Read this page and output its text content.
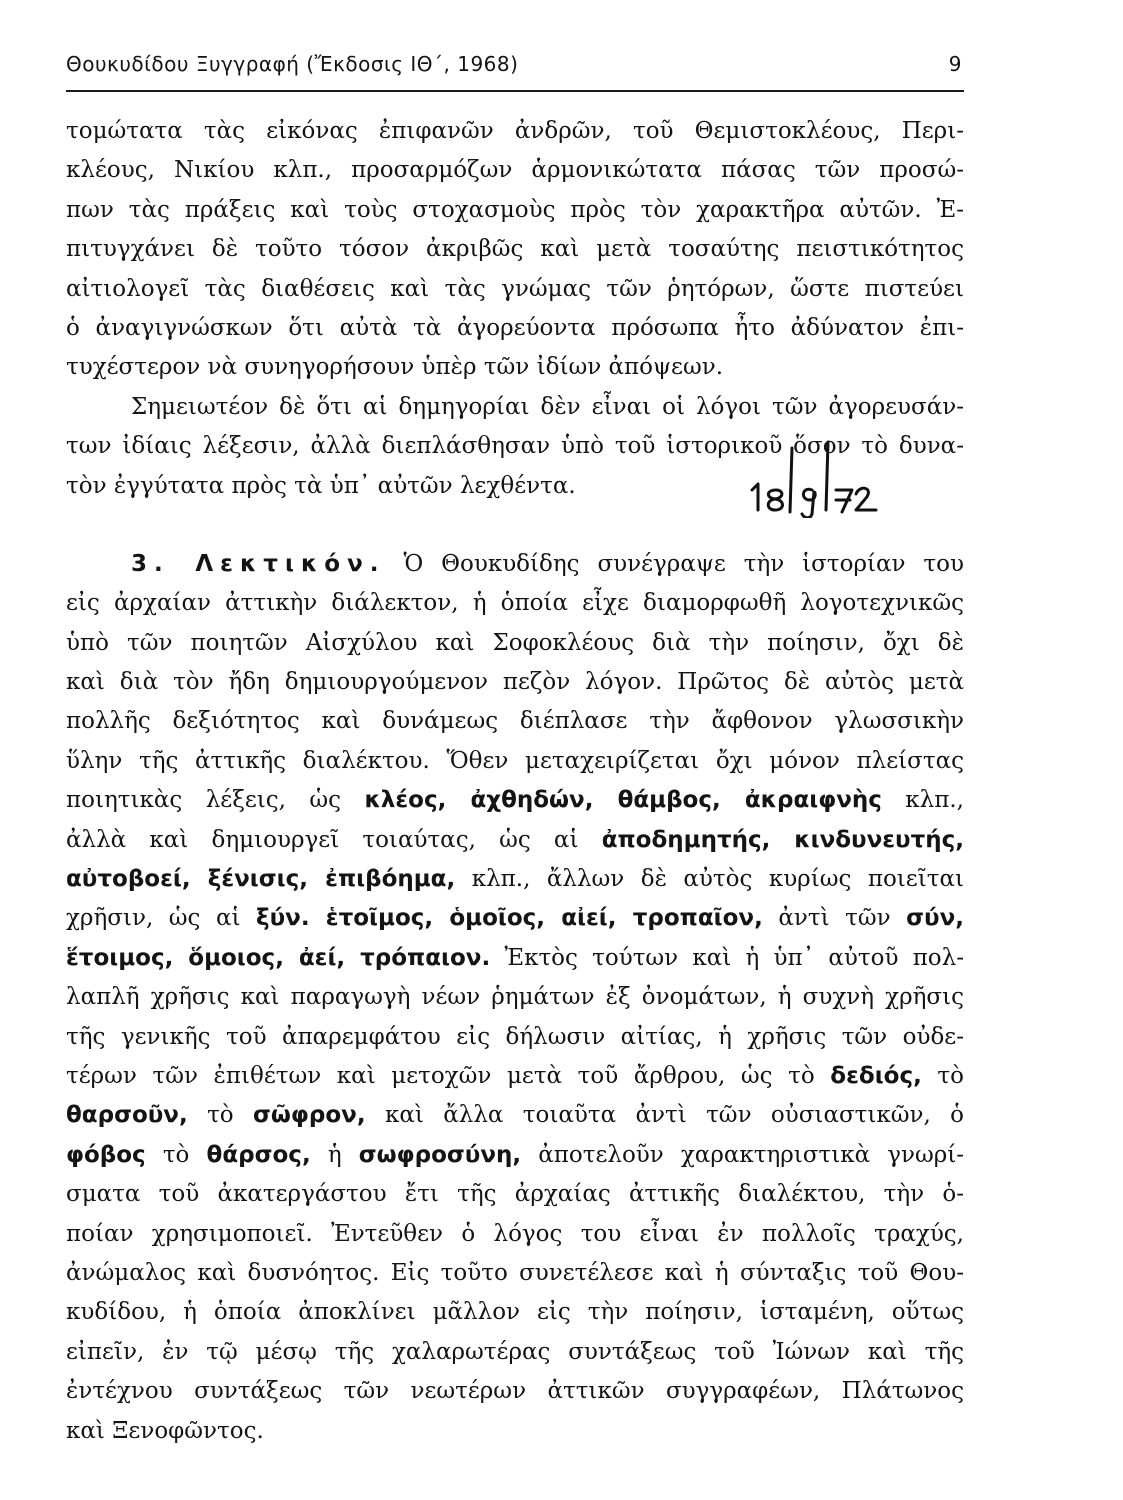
Θουκυδίδου Ξυγγραφή (Ἔκδοσις ΙΘ΄, 1968)	9
τομώτατα τὰς εἰκόνας ἐπιφανῶν ἀνδρῶν, τοῦ Θεμιστοκλέους, Περι-
κλέους, Νικίου κλπ., προσαρμόζων ἁρμονικώτατα πάσας τῶν προσώ-
πων τὰς πράξεις καὶ τοὺς στοχασμοὺς πρὸς τὸν χαρακτῆρα αὐτῶν. Ἐ-
πιτυγχάνει δὲ τοῦτο τόσον ἀκριβῶς καὶ μετὰ τοσαύτης πειστικότητος
αἰτιολογεῖ τὰς διαθέσεις καὶ τὰς γνώμας τῶν ῥητόρων, ὥστε πιστεύει
ὁ ἀναγιγνώσκων ὅτι αὐτὰ τὰ ἀγορεύοντα πρόσωπα ἦτο ἀδύνατον ἐπι-
τυχέστερον νὰ συνηγορήσουν ὑπὲρ τῶν ἰδίων ἀπόψεων.
Σημειωτέον δὲ ὅτι αἱ δημηγορίαι δὲν εἶναι οἱ λόγοι τῶν ἀγορευσάν-
των ἰδίαις λέξεσιν, ἀλλὰ διεπλάσθησαν ὑπὸ τοῦ ἱστορικοῦ ὅσον τὸ δυνα-
τὸν ἐγγύτατα πρὸς τὰ ὑπ᾽ αὐτῶν λεχθέντα.
3. Λεκτικόν. Ὁ Θουκυδίδης συνέγραψε τὴν ἱστορίαν του
εἰς ἀρχαίαν ἀττικὴν διάλεκτον, ἡ ὁποία εἶχε διαμορφωθῆ λογοτεχνικῶς
ὑπὸ τῶν ποιητῶν Αἰσχύλου καὶ Σοφοκλέους διὰ τὴν ποίησιν, ὄχι δὲ
καὶ διὰ τὸν ἤδη δημιουργούμενον πεζὸν λόγον. Πρῶτος δὲ αὐτὸς μετὰ
πολλῆς δεξιότητος καὶ δυνάμεως διέπλασε τὴν ἄφθονον γλωσσικὴν
ὕλην τῆς ἀττικῆς διαλέκτου. Ὅθεν μεταχειρίζεται ὄχι μόνον πλείστας
ποιητικὰς λέξεις, ὡς κλέος, ἀχθηδών, θάμβος, ἀκραιφνὴς κλπ.,
ἀλλὰ καὶ δημιουργεῖ τοιαύτας, ὡς αἱ ἀποδημητής, κινδυνευτής,
αὐτοβοεί, ξένισις, ἐπιβόημα, κλπ., ἄλλων δὲ αὐτὸς κυρίως ποιεῖται
χρῆσιν, ὡς αἱ ξύν. ἑτοῖμος, ὁμοῖος, αἰεί, τροπαῖον, ἀντὶ τῶν σύν,
ἕτοιμος, ὅμοιος, ἀεί, τρόπαιον. Ἐκτὸς τούτων καὶ ἡ ὑπ᾽ αὐτοῦ πολ-
λαπλῆ χρῆσις καὶ παραγωγὴ νέων ῥημάτων ἐξ ὀνομάτων, ἡ συχνὴ χρῆσις
τῆς γενικῆς τοῦ ἀπαρεμφάτου εἰς δήλωσιν αἰτίας, ἡ χρῆσις τῶν οὐδε-
τέρων τῶν ἐπιθέτων καὶ μετοχῶν μετὰ τοῦ ἄρθρου, ὡς τὸ δεδιός, τὸ
θαρσοῦν, τὸ σῶφρον, καὶ ἄλλα τοιαῦτα ἀντὶ τῶν οὐσιαστικῶν, ὁ
φόβος τὸ θάρσος, ἡ σωφροσύνη, ἀποτελοῦν χαρακτηριστικὰ γνωρί-
σματα τοῦ ἀκατεργάστου ἔτι τῆς ἀρχαίας ἀττικῆς διαλέκτου, τὴν ὁ-
ποίαν χρησιμοποιεῖ. Ἐντεῦθεν ὁ λόγος του εἶναι ἐν πολλοῖς τραχύς,
ἀνώμαλος καὶ δυσνόητος. Εἰς τοῦτο συνετέλεσε καὶ ἡ σύνταξις τοῦ Θου-
κυδίδου, ἡ ὁποία ἀποκλίνει μᾶλλον εἰς τὴν ποίησιν, ἱσταμένη, οὕτως
εἰπεῖν, ἐν τῷ μέσῳ τῆς χαλαρωτέρας συντάξεως τοῦ Ἰώνων καὶ τῆς
ἐντέχνου συντάξεως τῶν νεωτέρων ἀττικῶν συγγραφέων, Πλάτωνος
καὶ Ξενοφῶντος.
